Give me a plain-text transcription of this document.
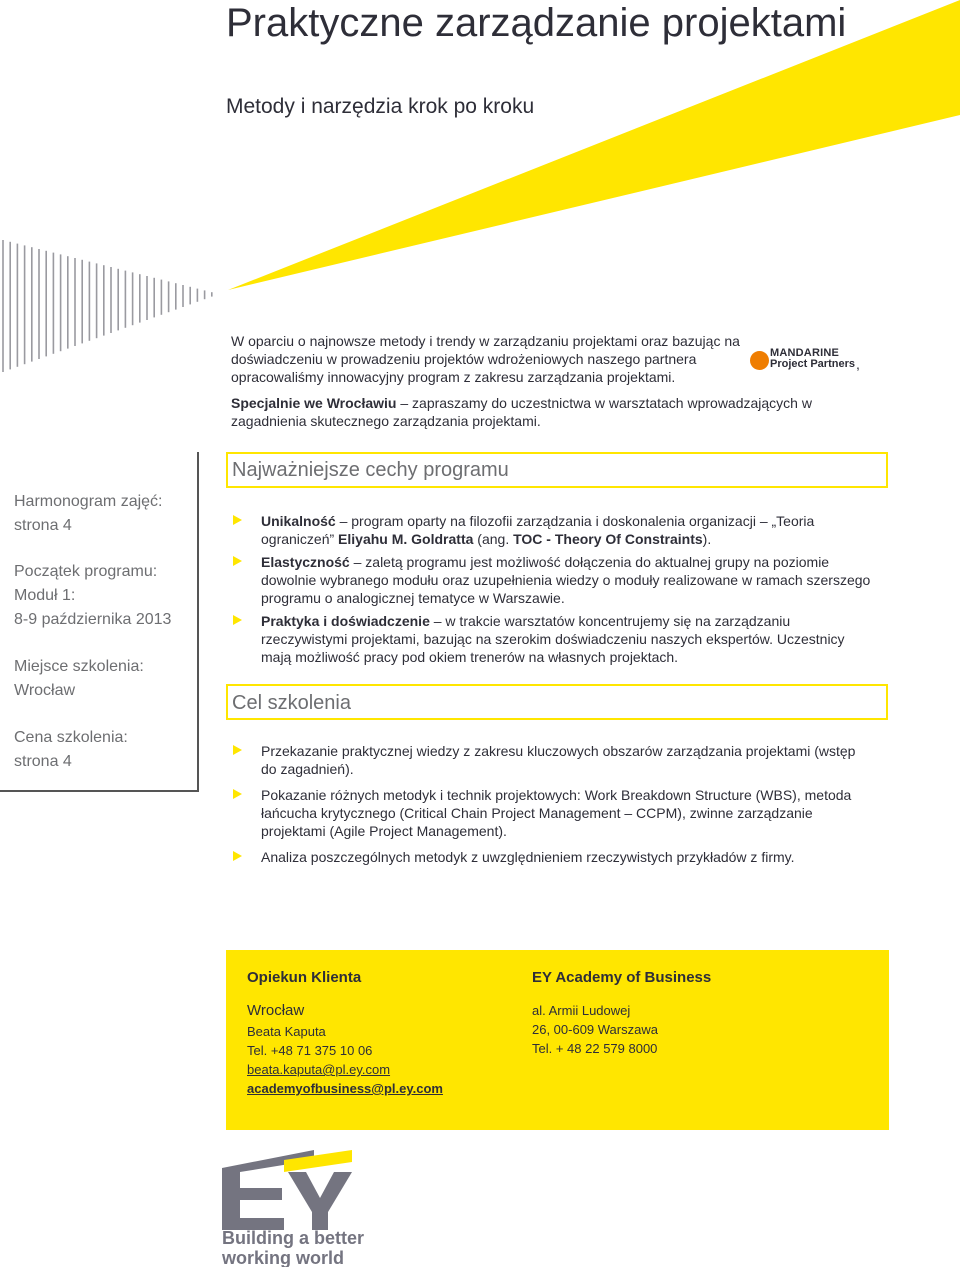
Praktyczne zarządzanie projektami
Metody i narzędzia krok po kroku

W oparciu o najnowsze metody i trendy w zarządzaniu projektami oraz bazując na doświadczeniu w prowadzeniu projektów wdrożeniowych naszego partnera
opracowaliśmy innowacyjny program z zakresu zarządzania projektami.

Specjalnie we Wrocławiu – zapraszamy do uczestnictwa w warsztatach wprowadzających w zagadnienia skutecznego zarządzania projektami.

MANDARINE
Project Partners ,
Harmonogram zajęć:
strona 4
Początek programu:
Moduł 1:
8-9 października 2013
Miejsce szkolenia:
Wrocław
Cena szkolenia:
strona 4
Najważniejsze cechy programu
Unikalność – program oparty na filozofii zarządzania i doskonalenia organizacji – „Teoria ograniczeń” Eliyahu M. Goldratta (ang. TOC - Theory Of Constraints).
Elastyczność – zaletą programu jest możliwość dołączenia do aktualnej grupy na poziomie dowolnie wybranego modułu oraz uzupełnienia wiedzy o moduły realizowane w ramach szerszego programu o analogicznej tematyce w Warszawie.
Praktyka i doświadczenie – w trakcie warsztatów koncentrujemy się na zarządzaniu rzeczywistymi projektami, bazując na szerokim doświadczeniu naszych ekspertów. Uczestnicy mają możliwość pracy pod okiem trenerów na własnych projektach.
Cel szkolenia
Przekazanie praktycznej wiedzy z zakresu kluczowych obszarów zarządzania projektami (wstęp do zagadnień).
Pokazanie różnych metodyk i technik projektowych: Work Breakdown Structure (WBS), metoda łańcucha krytycznego (Critical Chain Project Management – CCPM), zwinne zarządzanie projektami (Agile Project Management).
Analiza poszczególnych metodyk z uwzględnieniem rzeczywistych przykładów z firmy.
Opiekun Klienta
Wrocław
Beata Kaputa
Tel. +48 71 375 10 06
beata.kaputa@pl.ey.com
academyofbusiness@pl.ey.com
EY Academy of Business
al. Armii Ludowej
26, 00-609 Warszawa
Tel. + 48 22 579 8000
Building a better
working world
